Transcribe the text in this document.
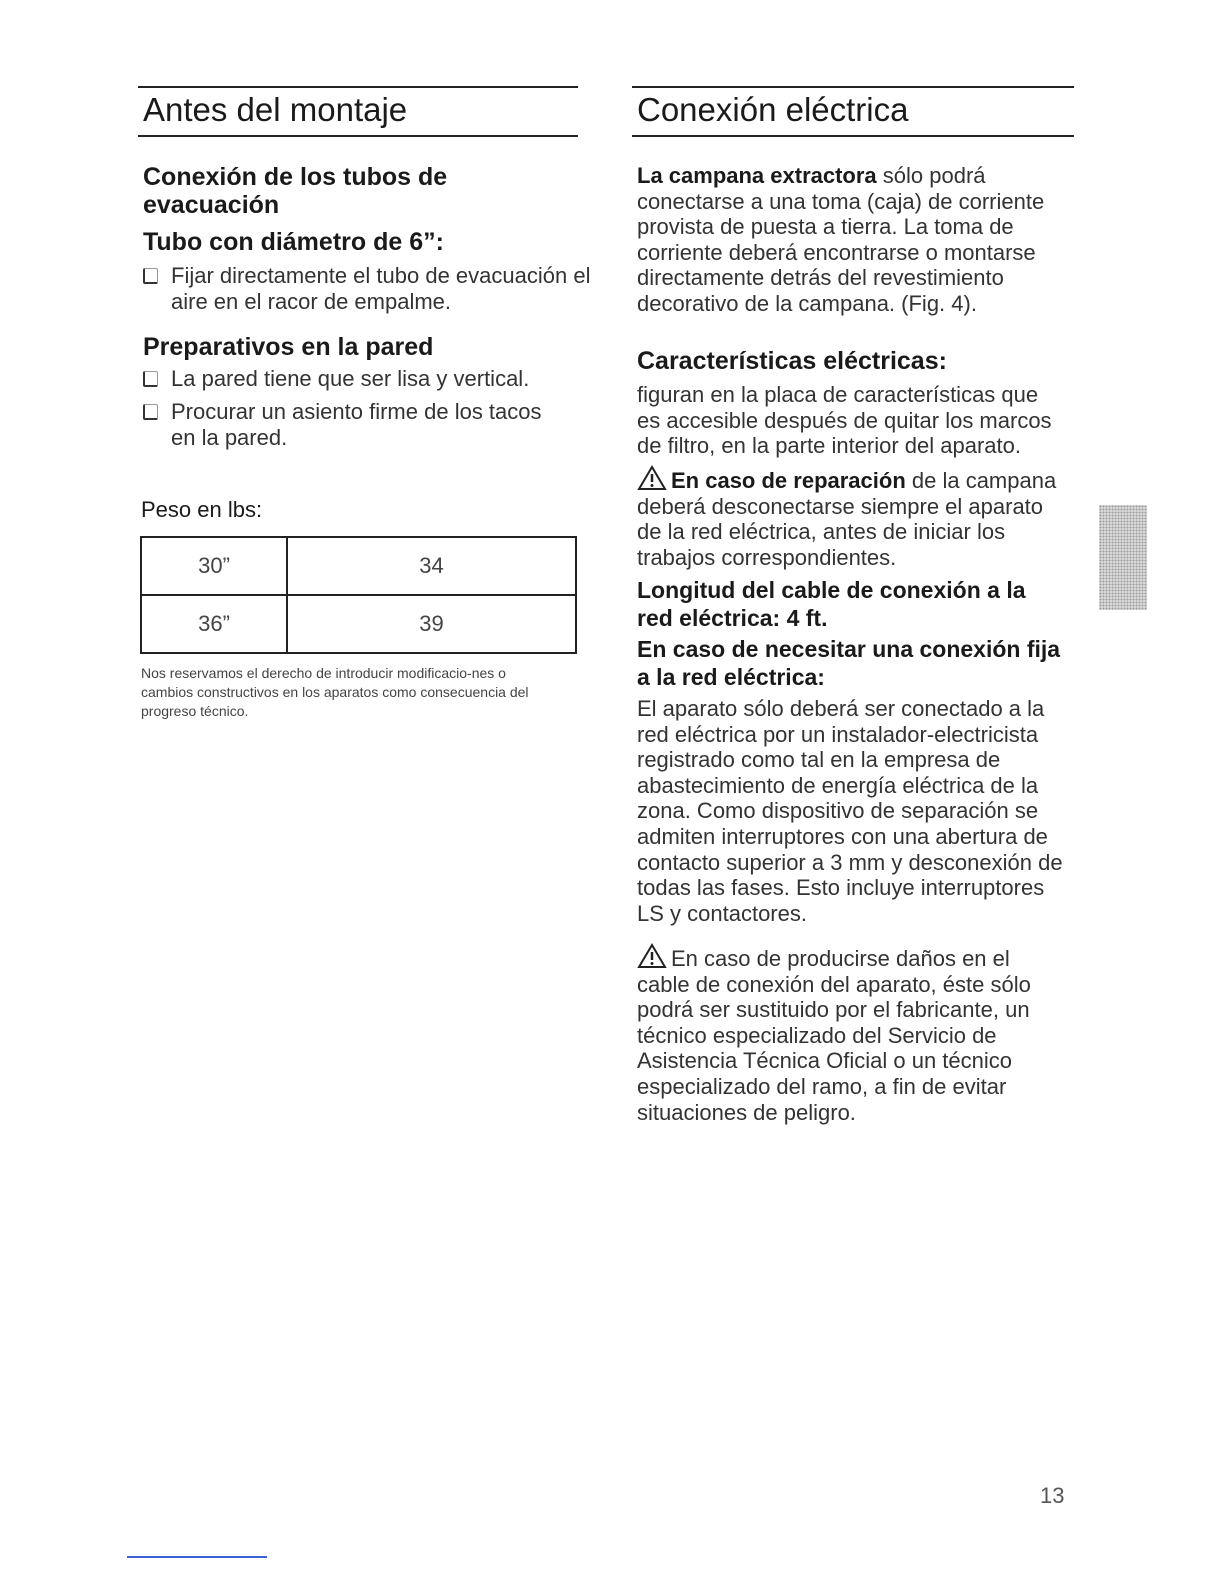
Antes del montaje
Conexión de los tubos de evacuación
Tubo con diámetro de 6”:
Fijar directamente el tubo de evacuación el aire en el racor de empalme.
Preparativos en la pared
La pared tiene que ser lisa y vertical.
Procurar un asiento firme de los tacos en la pared.

Peso en lbs:

30”	34
36”	39

Nos reservamos el derecho de introducir modificacio-nes o cambios constructivos en los aparatos como consecuencia del progreso técnico.

Conexión eléctrica

La campana extractora sólo podrá conectarse a una toma (caja) de corriente provista de puesta a tierra. La toma de corriente deberá encontrarse o montarse directamente detrás del revestimiento decorativo de la campana. (Fig. 4).

Características eléctricas:

figuran en la placa de características que es accesible después de quitar los marcos de filtro, en la parte interior del aparato.

En caso de reparación de la campana deberá desconectarse siempre el aparato de la red eléctrica, antes de iniciar los trabajos correspondientes.

Longitud del cable de conexión a la red eléctrica: 4 ft.
En caso de necesitar una conexión fija a la red eléctrica:

El aparato sólo deberá ser conectado a la red eléctrica por un instalador-electricista registrado como tal en la empresa de abastecimiento de energía eléctrica de la zona. Como dispositivo de separación se admiten interruptores con una abertura de contacto superior a 3 mm y desconexión de todas las fases. Esto incluye interruptores LS y contactores.

En caso de producirse daños en el cable de conexión del aparato, éste sólo podrá ser sustituido por el fabricante, un técnico especializado del Servicio de Asistencia Técnica Oficial o un técnico especializado del ramo, a fin de evitar situaciones de peligro.

13
